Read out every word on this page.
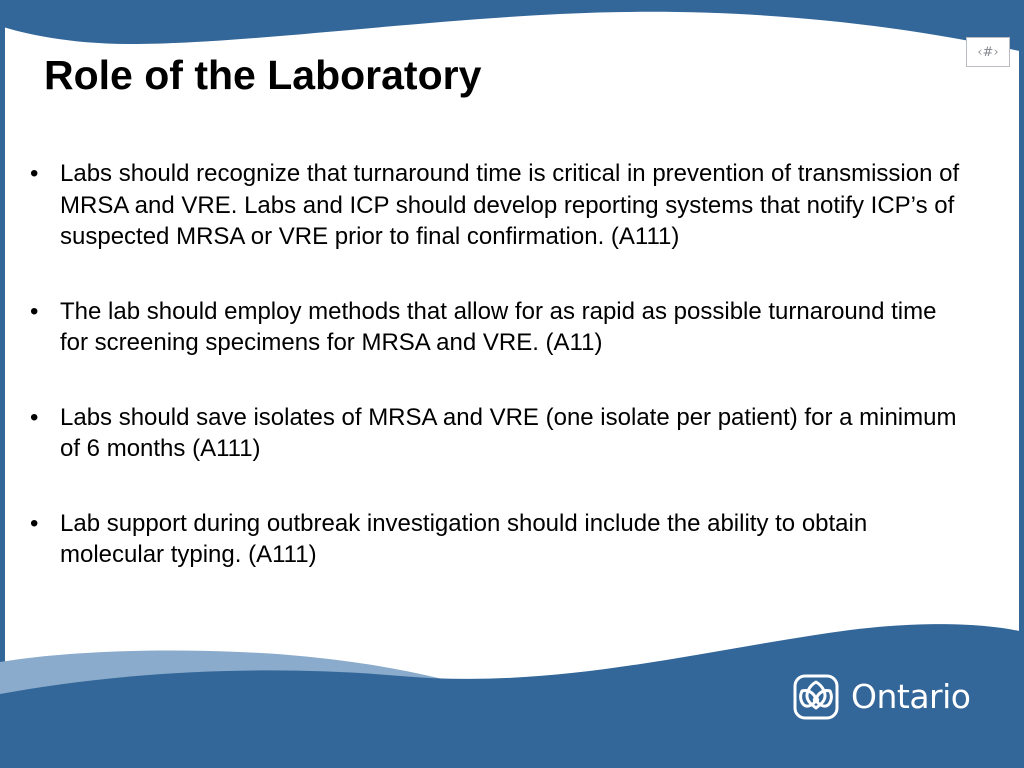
‹#›
Role of the Laboratory
• Labs should recognize that turnaround time is critical in prevention of transmission of MRSA and VRE. Labs and ICP should develop reporting systems that notify ICP’s of suspected MRSA or VRE prior to final confirmation. (A111)
• The lab should employ methods that allow for as rapid as possible turnaround time for screening specimens for MRSA and VRE. (A11)
• Labs should save isolates of MRSA and VRE (one isolate per patient) for a minimum of 6 months (A111)
• Lab support during outbreak investigation should include the ability to obtain molecular typing. (A111)
Ontario
